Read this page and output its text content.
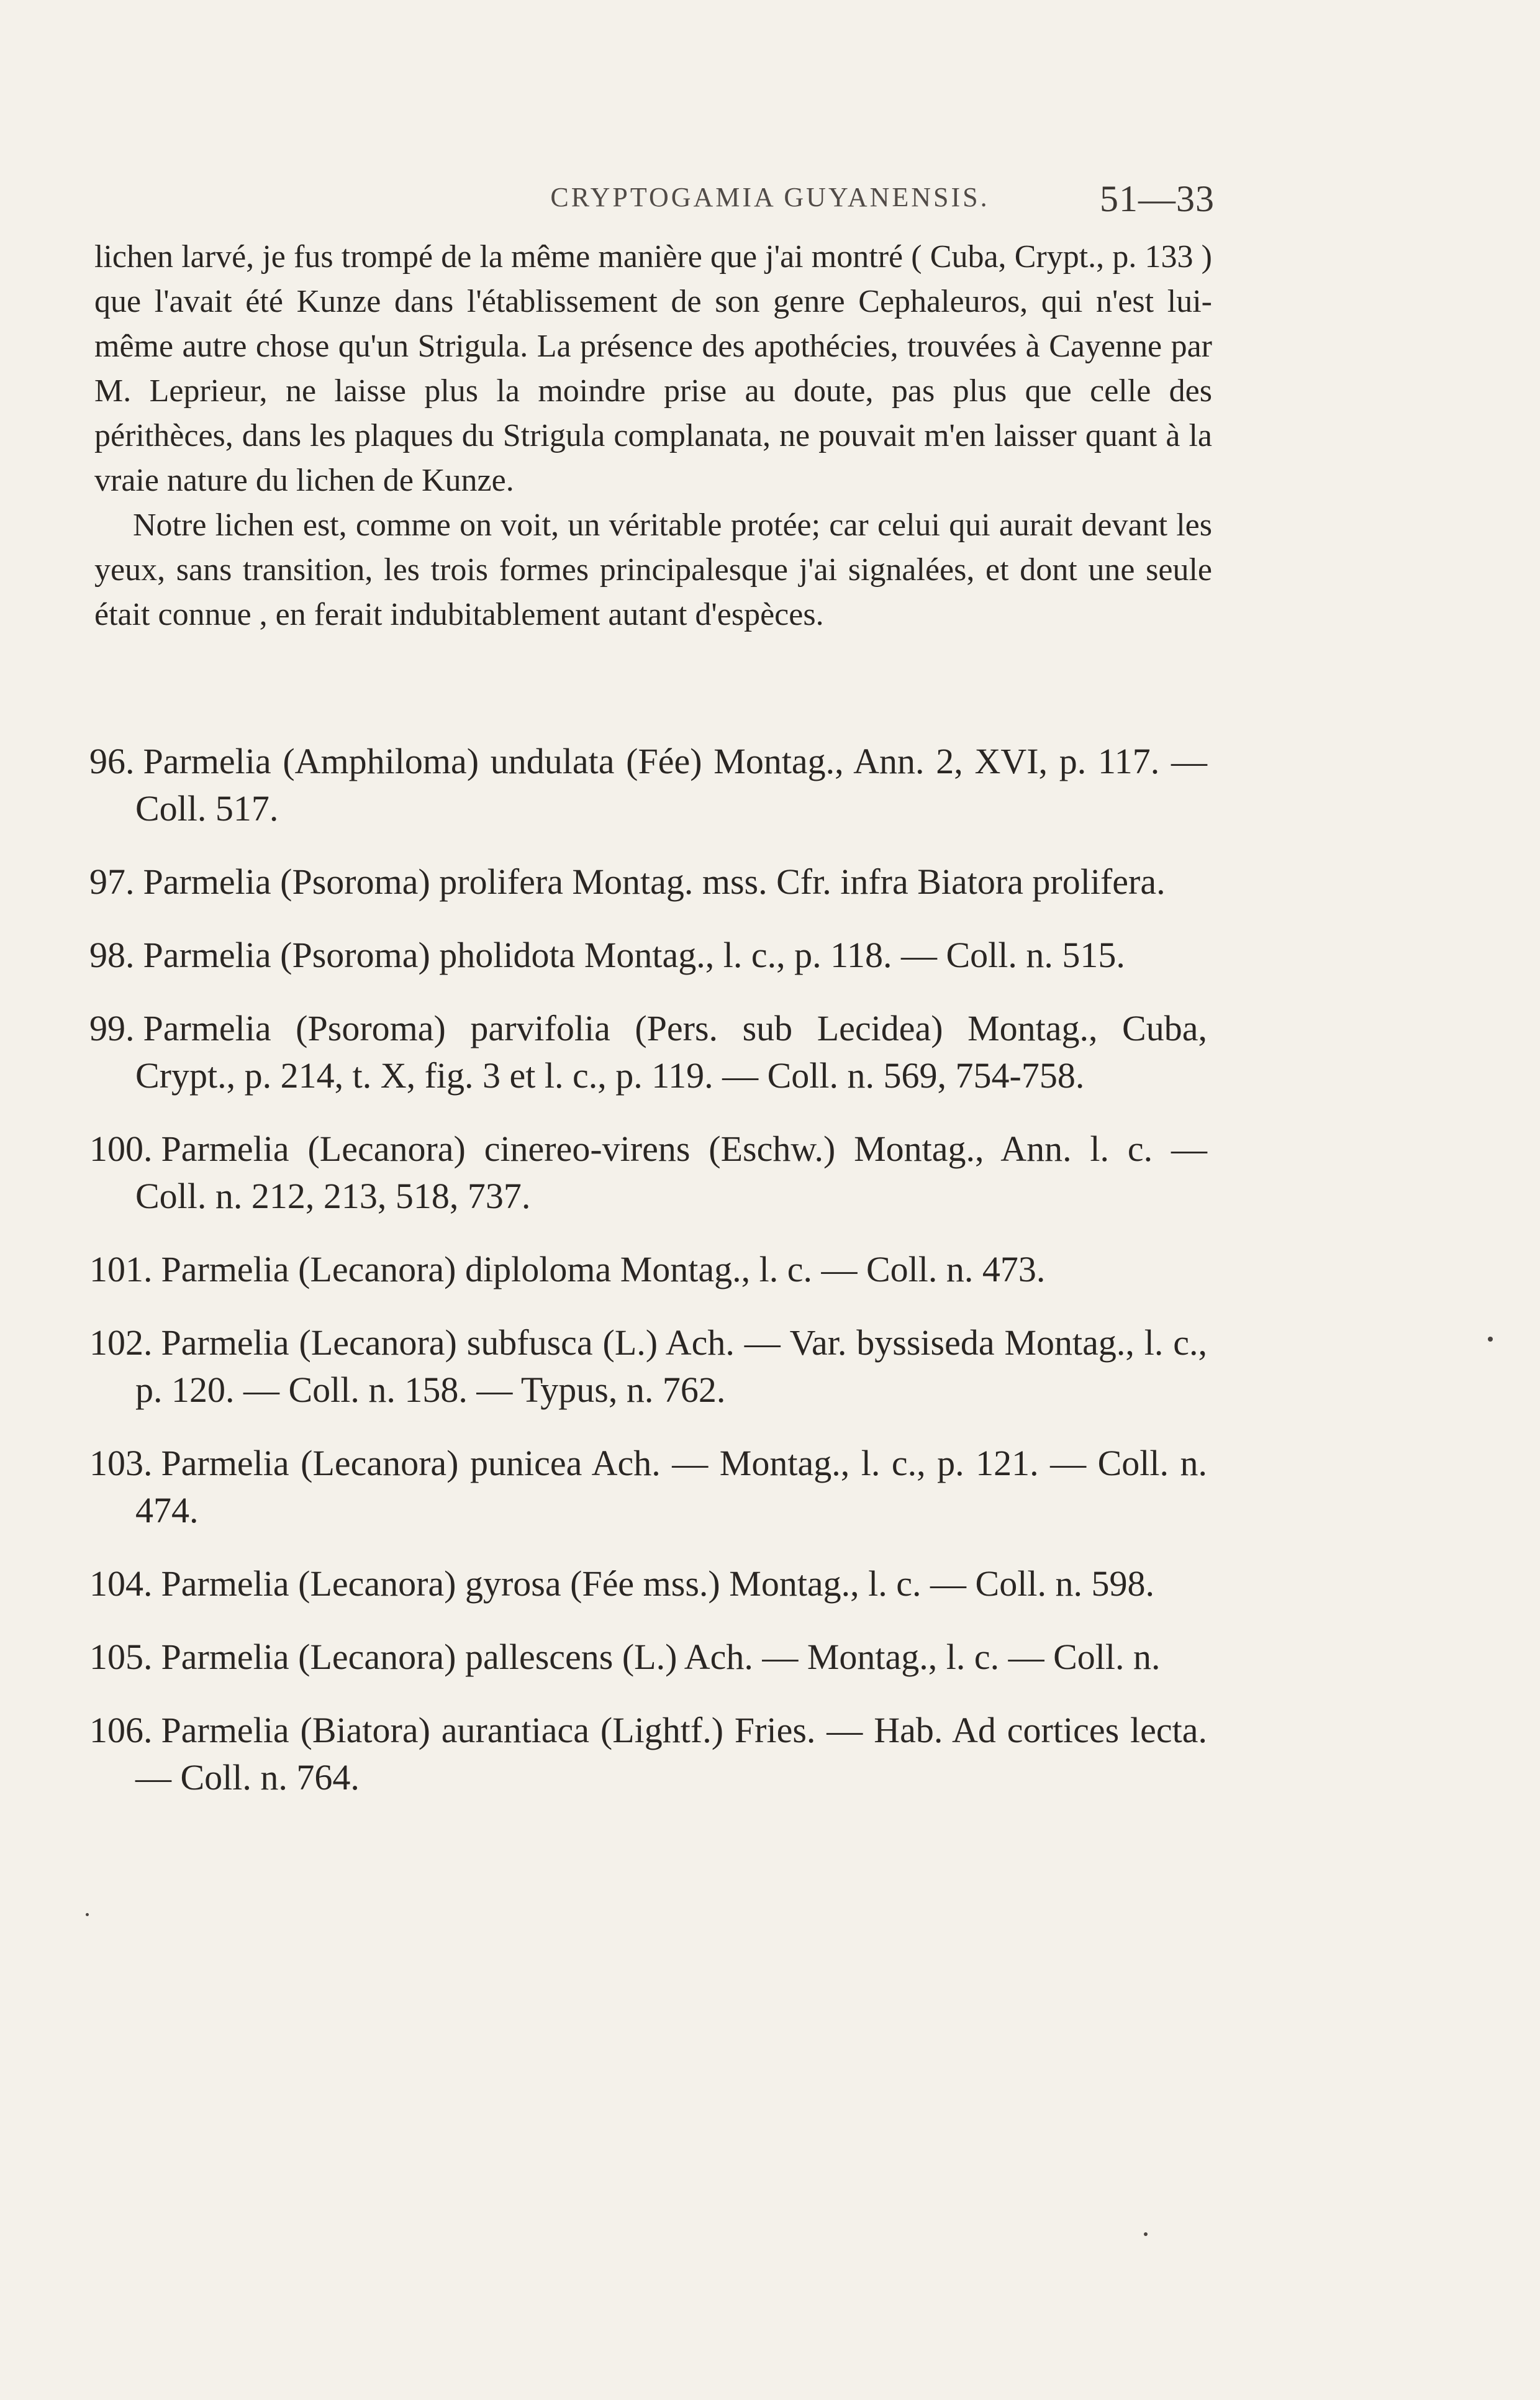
CRYPTOGAMIA GUYANENSIS.	51—33

lichen larvé, je fus trompé de la même manière que j'ai montré ( Cuba, Crypt., p. 133 ) que l'avait été Kunze dans l'établissement de son genre Cephaleuros, qui n'est lui-même autre chose qu'un Strigula. La présence des apothécies, trouvées à Cayenne par M. Leprieur, ne laisse plus la moindre prise au doute, pas plus que celle des périthèces, dans les plaques du Strigula complanata, ne pouvait m'en laisser quant à la vraie nature du lichen de Kunze.

Notre lichen est, comme on voit, un véritable protée; car celui qui aurait devant les yeux, sans transition, les trois formes principalesque j'ai signalées, et dont une seule était connue , en ferait indubitablement autant d'espèces.

96. Parmelia (Amphiloma) undulata (Fée) Montag., Ann. 2, XVI, p. 117. — Coll. 517.

97. Parmelia (Psoroma) prolifera Montag. mss. Cfr. infra Biatora prolifera.

98. Parmelia (Psoroma) pholidota Montag., l. c., p. 118. — Coll. n. 515.

99. Parmelia (Psoroma) parvifolia (Pers. sub Lecidea) Montag., Cuba, Crypt., p. 214, t. X, fig. 3 et l. c., p. 119. — Coll. n. 569, 754-758.

100. Parmelia (Lecanora) cinereo-virens (Eschw.) Montag., Ann. l. c. — Coll. n. 212, 213, 518, 737.

101. Parmelia (Lecanora) diploloma Montag., l. c. — Coll. n. 473.

102. Parmelia (Lecanora) subfusca (L.) Ach. — Var. byssiseda Montag., l. c., p. 120. — Coll. n. 158. — Typus, n. 762.

103. Parmelia (Lecanora) punicea Ach. — Montag., l. c., p. 121. — Coll. n. 474.

104. Parmelia (Lecanora) gyrosa (Fée mss.) Montag., l. c. — Coll. n. 598.

105. Parmelia (Lecanora) pallescens (L.) Ach. — Montag., l. c. — Coll. n.

106. Parmelia (Biatora) aurantiaca (Lightf.) Fries. — Hab. Ad cortices lecta. — Coll. n. 764.
